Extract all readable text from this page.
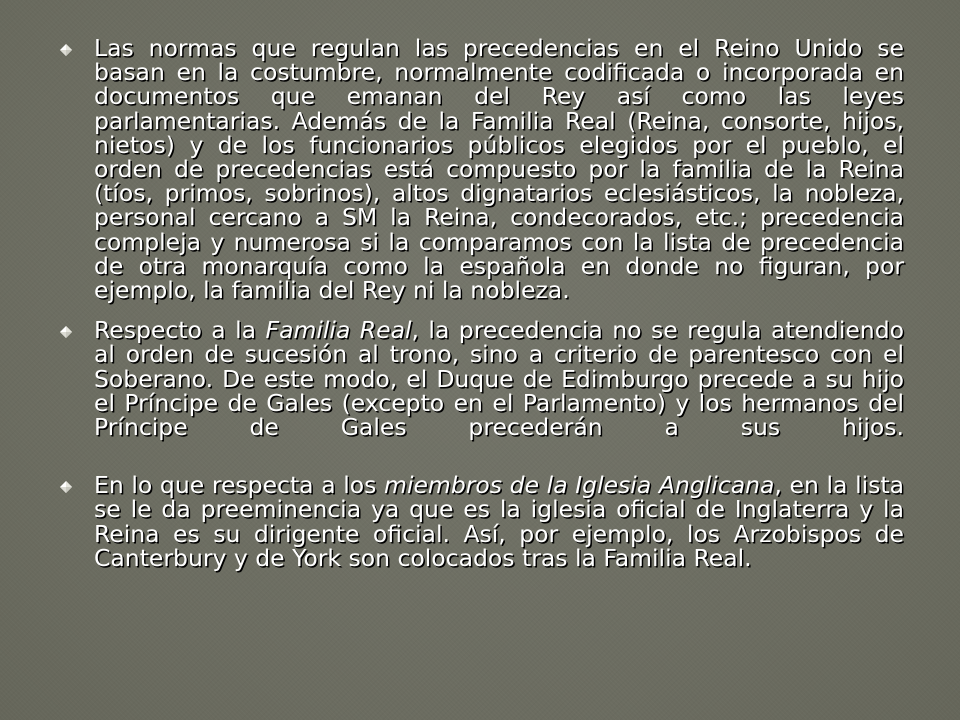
Las normas que regulan las precedencias en el Reino Unido se basan en la costumbre, normalmente codificada o incorporada en documentos que emanan del Rey así como las leyes parlamentarias. Además de la Familia Real (Reina, consorte, hijos, nietos) y de los funcionarios públicos elegidos por el pueblo, el orden de precedencias está compuesto por la familia de la Reina (tíos, primos, sobrinos), altos dignatarios eclesiásticos, la nobleza, personal cercano a SM la Reina, condecorados, etc.; precedencia compleja y numerosa si la comparamos con la lista de precedencia de otra monarquía como la española en donde no figuran, por ejemplo, la familia del Rey ni la nobleza.
Respecto a la Familia Real, la precedencia no se regula atendiendo al orden de sucesión al trono, sino a criterio de parentesco con el Soberano. De este modo, el Duque de Edimburgo precede a su hijo el Príncipe de Gales (excepto en el Parlamento) y los hermanos del Príncipe de Gales precederán a sus hijos.
En lo que respecta a los miembros de la Iglesia Anglicana, en la lista se le da preeminencia ya que es la iglesia oficial de Inglaterra y la Reina es su dirigente oficial. Así, por ejemplo, los Arzobispos de Canterbury y de York son colocados tras la Familia Real.
